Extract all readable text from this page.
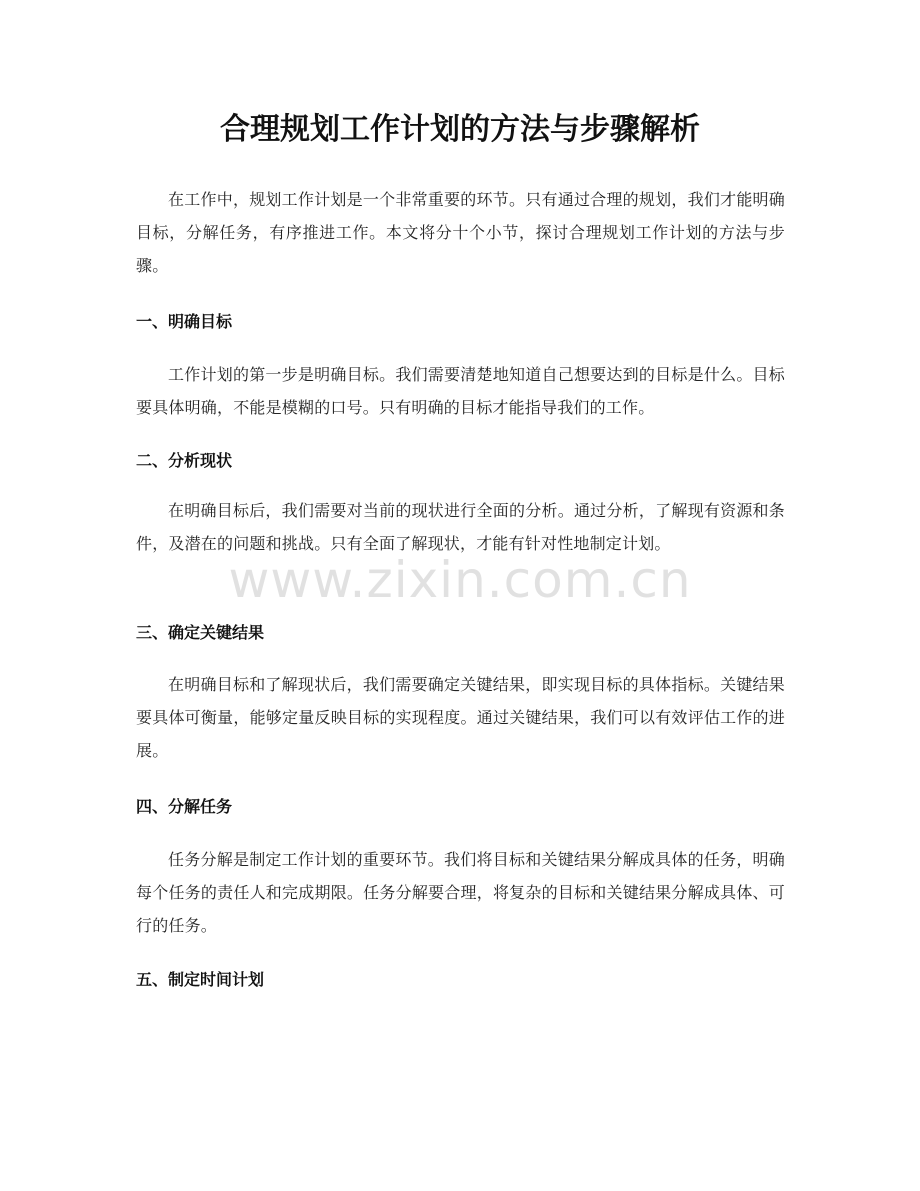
合理规划工作计划的方法与步骤解析

在工作中，规划工作计划是一个非常重要的环节。只有通过合理的规划，我们才能明确目标，分解任务，有序推进工作。本文将分十个小节，探讨合理规划工作计划的方法与步骤。

一、明确目标

工作计划的第一步是明确目标。我们需要清楚地知道自己想要达到的目标是什么。目标要具体明确，不能是模糊的口号。只有明确的目标才能指导我们的工作。

二、分析现状

在明确目标后，我们需要对当前的现状进行全面的分析。通过分析，了解现有资源和条件，及潜在的问题和挑战。只有全面了解现状，才能有针对性地制定计划。

三、确定关键结果

在明确目标和了解现状后，我们需要确定关键结果，即实现目标的具体指标。关键结果要具体可衡量，能够定量反映目标的实现程度。通过关键结果，我们可以有效评估工作的进展。

四、分解任务

任务分解是制定工作计划的重要环节。我们将目标和关键结果分解成具体的任务，明确每个任务的责任人和完成期限。任务分解要合理，将复杂的目标和关键结果分解成具体、可行的任务。

五、制定时间计划
www.zixin.com.cn
